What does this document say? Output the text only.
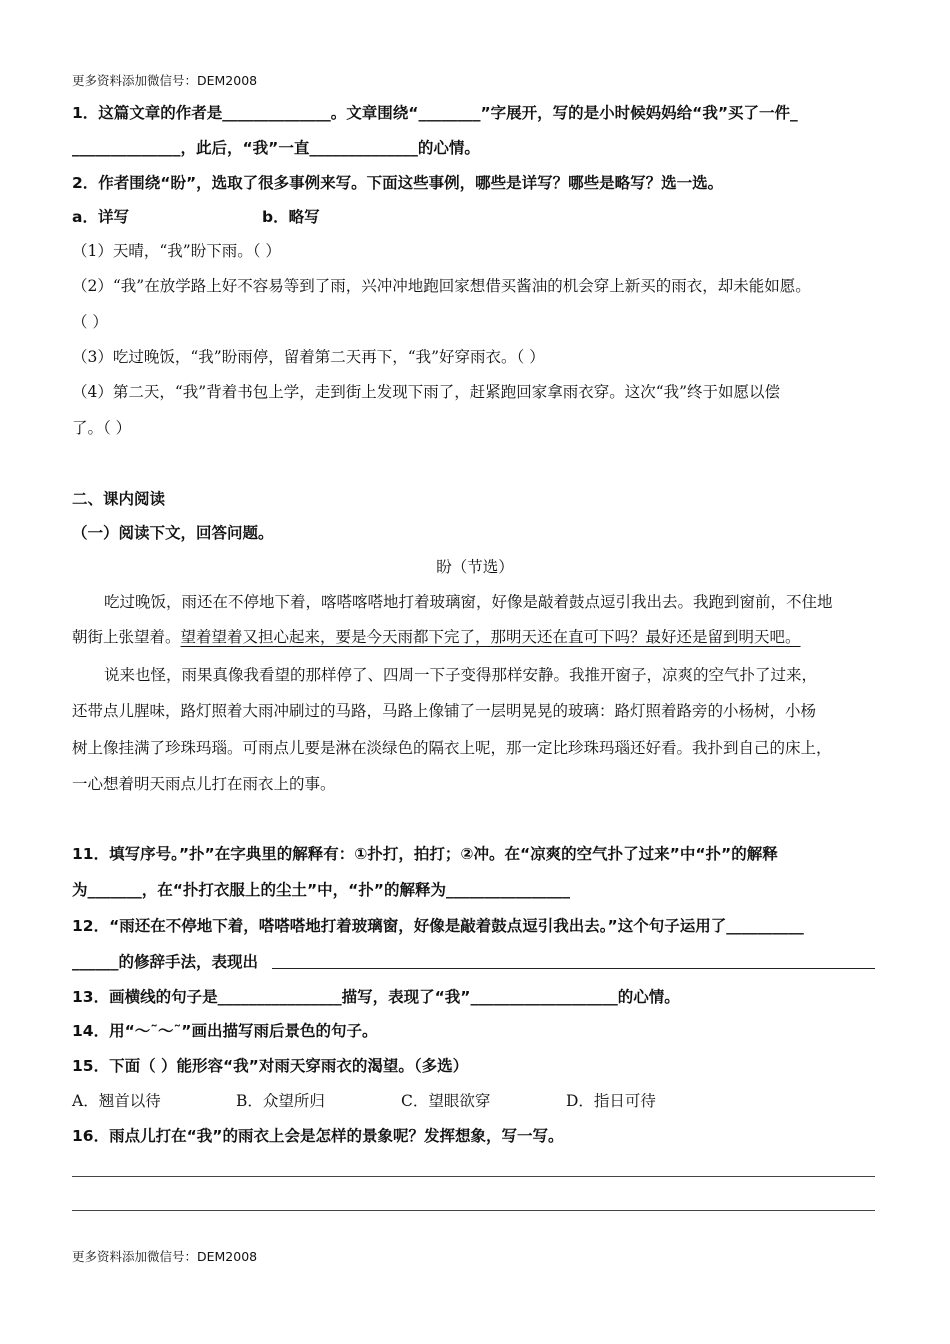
更多资料添加微信号：DEM2008
1．这篇文章的作者是______________。文章围绕“________”字展开，写的是小时候妈妈给“我”买了一件_
______________，此后，“我”一直______________的心情。
2．作者围绕“盼”，选取了很多事例来写。下面这些事例，哪些是详写？哪些是略写？选一选。
a．详写	b．略写
（1）天晴，“我”盼下雨。（ ）
（2）“我”在放学路上好不容易等到了雨，兴冲冲地跑回家想借买酱油的机会穿上新买的雨衣，却未能如愿。
（ ）
（3）吃过晚饭，“我”盼雨停，留着第二天再下，“我”好穿雨衣。（ ）
（4）第二天，“我”背着书包上学，走到街上发现下雨了，赶紧跑回家拿雨衣穿。这次“我”终于如愿以偿
了。（ ）
二、课内阅读
（一）阅读下文，回答问题。
盼（节选）
吃过晚饭，雨还在不停地下着，喀嗒喀嗒地打着玻璃窗，好像是敲着鼓点逗引我出去。我跑到窗前，不住地
朝街上张望着。望着望着又担心起来，要是今天雨都下完了，那明天还在直可下吗？最好还是留到明天吧。
说来也怪，雨果真像我看望的那样停了、四周一下子变得那样安静。我推开窗子，凉爽的空气扑了过来，
还带点儿腥味，路灯照着大雨冲刷过的马路，马路上像铺了一层明晃晃的玻璃：路灯照着路旁的小杨树，小杨
树上像挂满了珍珠玛瑙。可雨点儿要是淋在淡绿色的隔衣上呢，那一定比珍珠玛瑙还好看。我扑到自己的床上，
一心想着明天雨点儿打在雨衣上的事。
11．填写序号。”扑”在字典里的解释有：①扑打，拍打；②冲。在“凉爽的空气扑了过来”中“扑”的解释
为_______，在“扑打衣服上的尘土”中，“扑”的解释为________________
12．“雨还在不停地下着，嗒嗒嗒地打着玻璃窗，好像是敲着鼓点逗引我出去。”这个句子运用了__________
______的修辞手法，表现出
13．画横线的句子是________________描写，表现了“我”___________________的心情。
14．用“～˜～˜”画出描写雨后景色的句子。
15．下面（ ）能形容“我”对雨天穿雨衣的渴望。（多选）
A．翘首以待	B．众望所归	C．望眼欲穿	D．指日可待
16．雨点儿打在“我”的雨衣上会是怎样的景象呢？发挥想象，写一写。
更多资料添加微信号：DEM2008
